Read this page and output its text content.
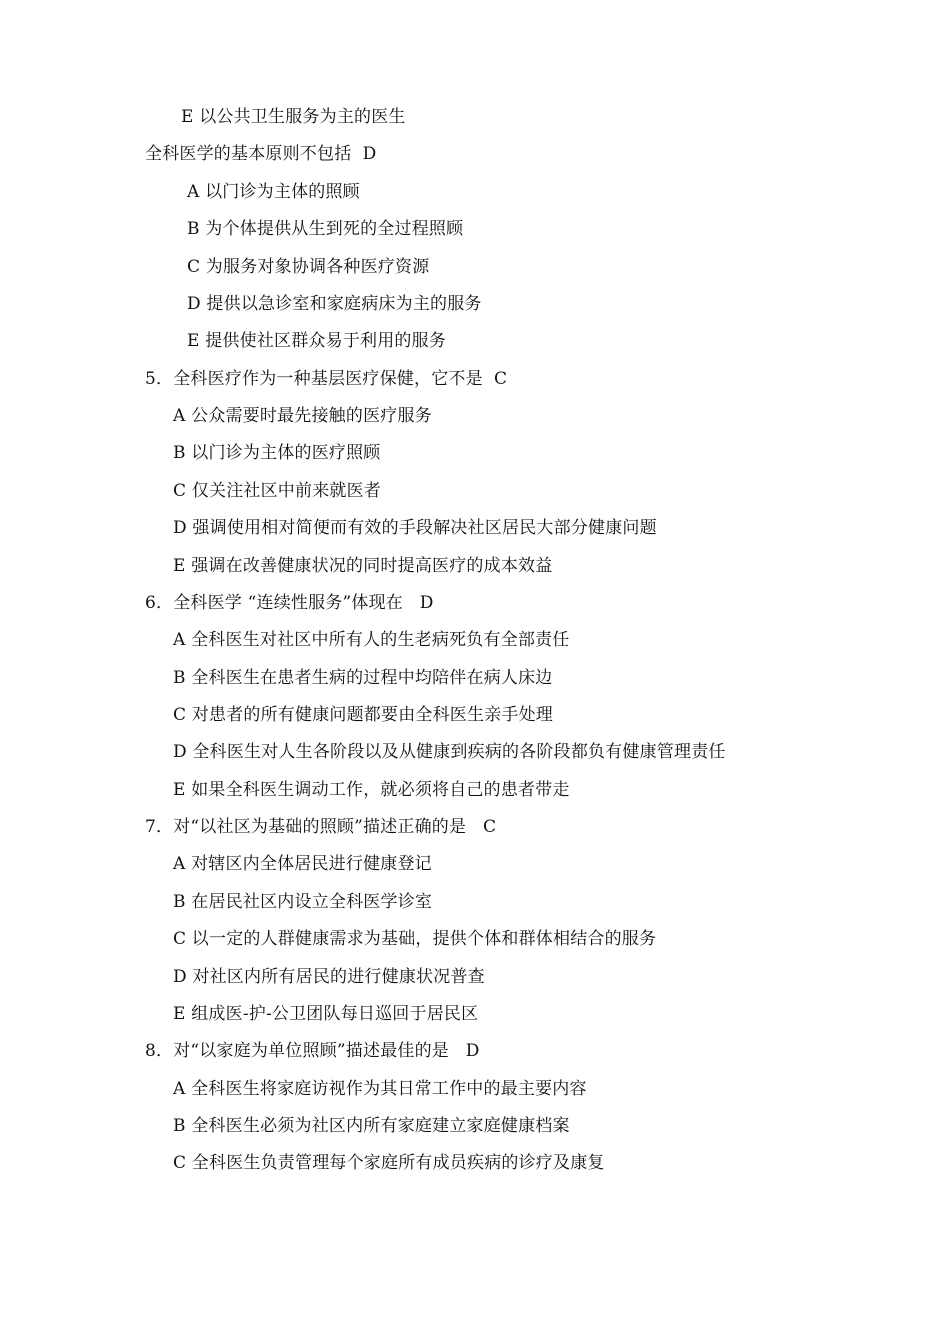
E 以公共卫生服务为主的医生
全科医学的基本原则不包括  D
A 以门诊为主体的照顾
B 为个体提供从生到死的全过程照顾
C 为服务对象协调各种医疗资源
D 提供以急诊室和家庭病床为主的服务
E 提供使社区群众易于利用的服务
5．全科医疗作为一种基层医疗保健，它不是  C
A 公众需要时最先接触的医疗服务
B 以门诊为主体的医疗照顾
C 仅关注社区中前来就医者
D 强调使用相对简便而有效的手段解决社区居民大部分健康问题
E 强调在改善健康状况的同时提高医疗的成本效益
6．全科医学 “连续性服务”体现在   D
A 全科医生对社区中所有人的生老病死负有全部责任
B 全科医生在患者生病的过程中均陪伴在病人床边
C 对患者的所有健康问题都要由全科医生亲手处理
D 全科医生对人生各阶段以及从健康到疾病的各阶段都负有健康管理责任
E 如果全科医生调动工作，就必须将自己的患者带走
7．对“以社区为基础的照顾”描述正确的是   C
A 对辖区内全体居民进行健康登记
B 在居民社区内设立全科医学诊室
C 以一定的人群健康需求为基础，提供个体和群体相结合的服务
D 对社区内所有居民的进行健康状况普查
E 组成医-护-公卫团队每日巡回于居民区
8．对“以家庭为单位照顾”描述最佳的是   D
A 全科医生将家庭访视作为其日常工作中的最主要内容
B 全科医生必须为社区内所有家庭建立家庭健康档案
C 全科医生负责管理每个家庭所有成员疾病的诊疗及康复
